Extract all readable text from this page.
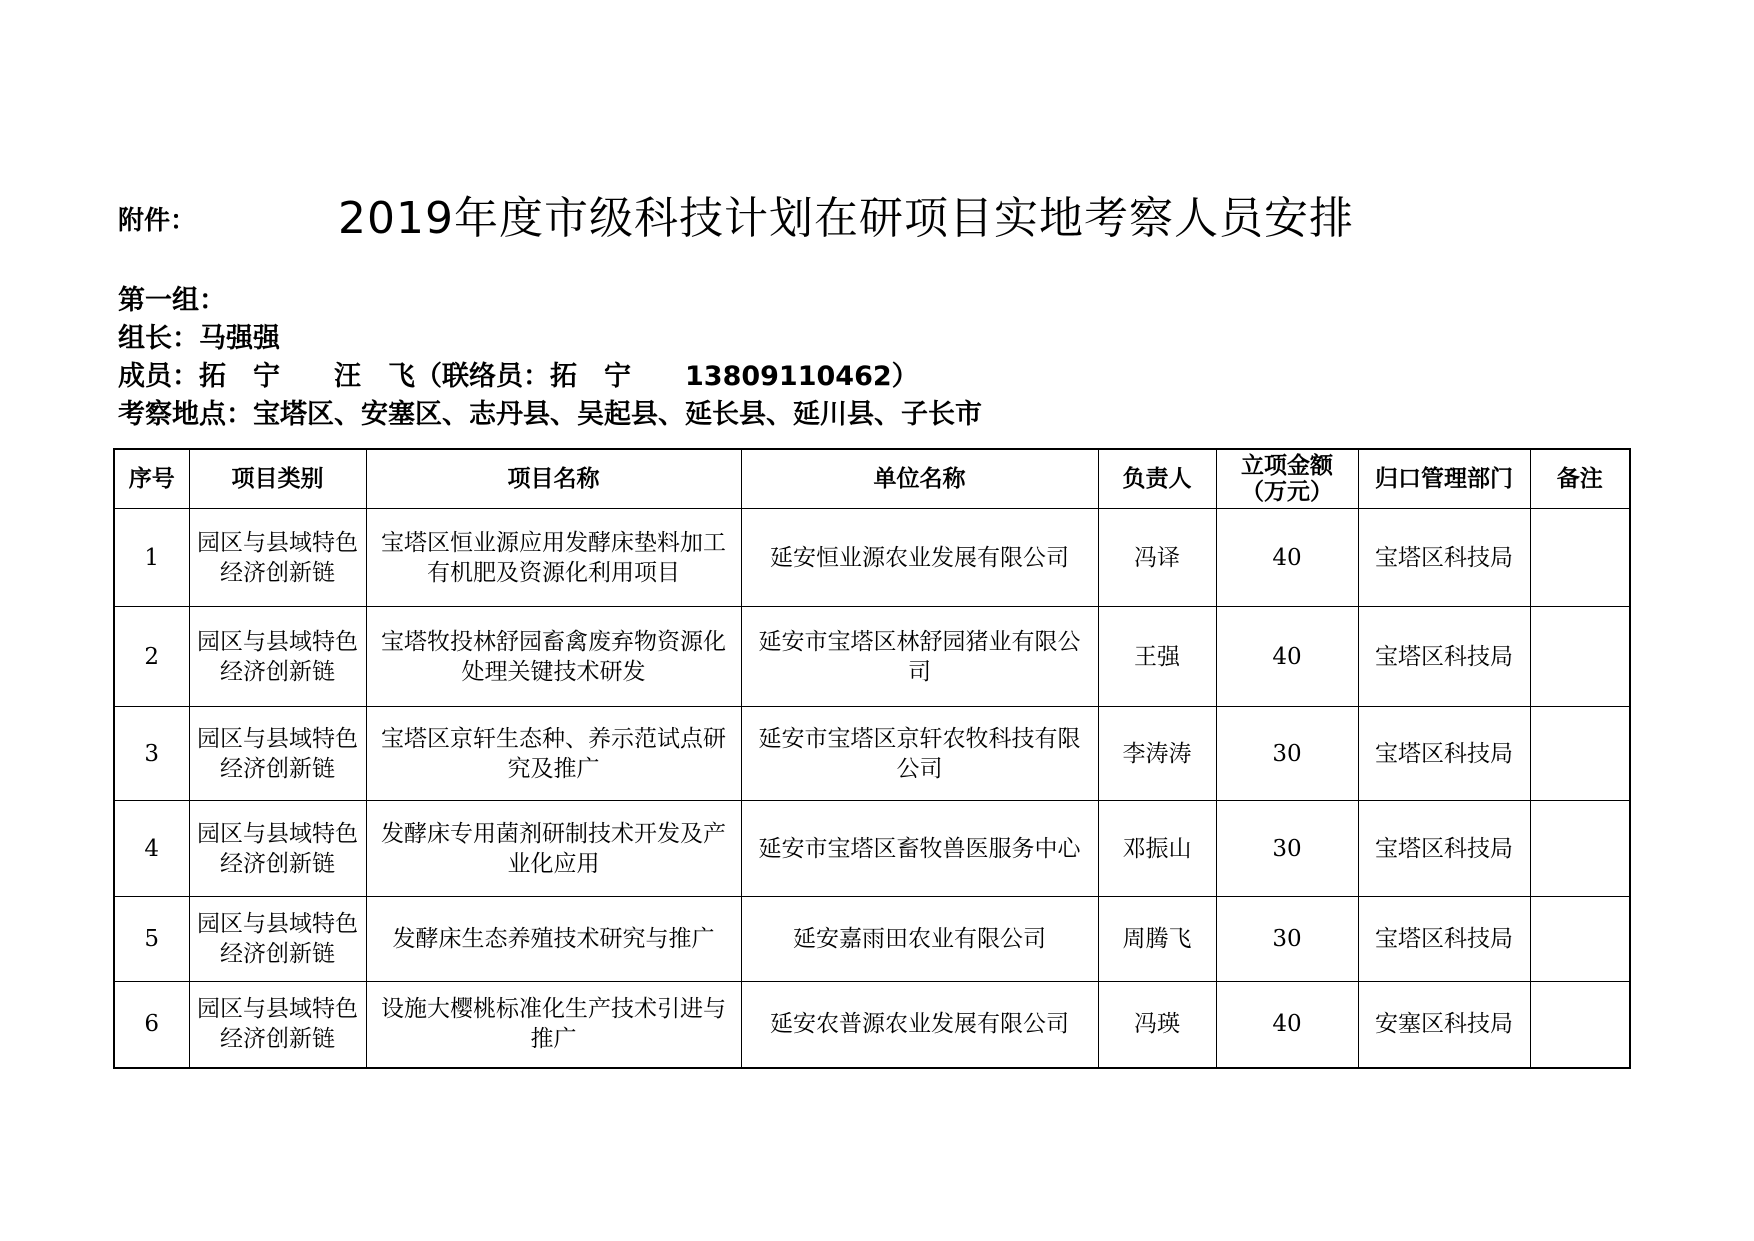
附件：	2019年度市级科技计划在研项目实地考察人员安排
第一组：
组长：马强强
成员：拓　宁　　汪　飞（联络员：拓　宁　　13809110462）
考察地点：宝塔区、安塞区、志丹县、吴起县、延长县、延川县、子长市
序号	项目类别	项目名称	单位名称	负责人	立项金额（万元）	归口管理部门	备注
1	园区与县域特色经济创新链	宝塔区恒业源应用发酵床垫料加工有机肥及资源化利用项目	延安恒业源农业发展有限公司	冯译	40	宝塔区科技局	
2	园区与县域特色经济创新链	宝塔牧投林舒园畜禽废弃物资源化处理关键技术研发	延安市宝塔区林舒园猪业有限公司	王强	40	宝塔区科技局	
3	园区与县域特色经济创新链	宝塔区京轩生态种、养示范试点研究及推广	延安市宝塔区京轩农牧科技有限公司	李涛涛	30	宝塔区科技局	
4	园区与县域特色经济创新链	发酵床专用菌剂研制技术开发及产业化应用	延安市宝塔区畜牧兽医服务中心	邓振山	30	宝塔区科技局	
5	园区与县域特色经济创新链	发酵床生态养殖技术研究与推广	延安嘉雨田农业有限公司	周腾飞	30	宝塔区科技局	
6	园区与县域特色经济创新链	设施大樱桃标准化生产技术引进与推广	延安农普源农业发展有限公司	冯瑛	40	安塞区科技局	
